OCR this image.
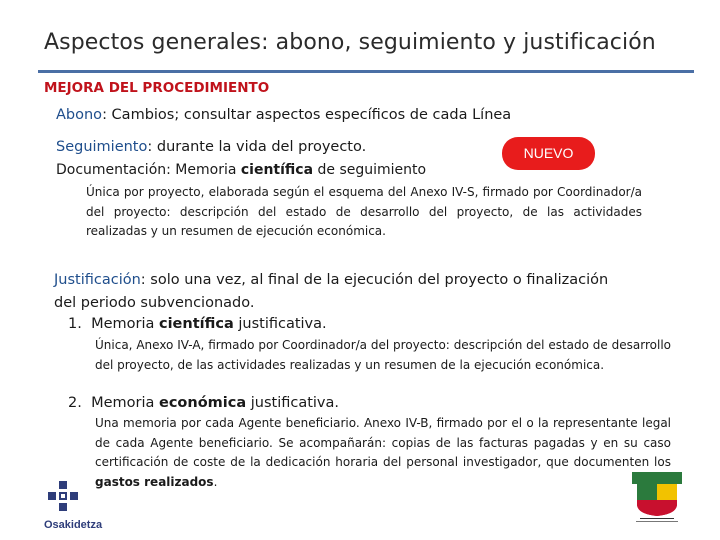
Aspectos generales: abono, seguimiento y justificación
MEJORA DEL PROCEDIMIENTO
Abono: Cambios; consultar aspectos específicos de cada Línea
Seguimiento: durante la vida del proyecto.	NUEVO
Documentación: Memoria científica de seguimiento
Única por proyecto, elaborada según el esquema del Anexo IV-S, firmado por Coordinador/a del proyecto: descripción del estado de desarrollo del proyecto, de las actividades realizadas y un resumen de ejecución económica.
Justificación: solo una vez, al final de la ejecución del proyecto o finalización
del periodo subvencionado.
1. Memoria científica justificativa.
Única, Anexo IV-A, firmado por Coordinador/a del proyecto: descripción del estado de desarrollo del proyecto, de las actividades realizadas y un resumen de la ejecución económica.
2. Memoria económica justificativa.
Una memoria por cada Agente beneficiario. Anexo IV-B, firmado por el o la representante legal de cada Agente beneficiario. Se acompañarán: copias de las facturas pagadas y en su caso certificación de coste de la dedicación horaria del personal investigador, que documenten los gastos realizados.
Osakidetza
